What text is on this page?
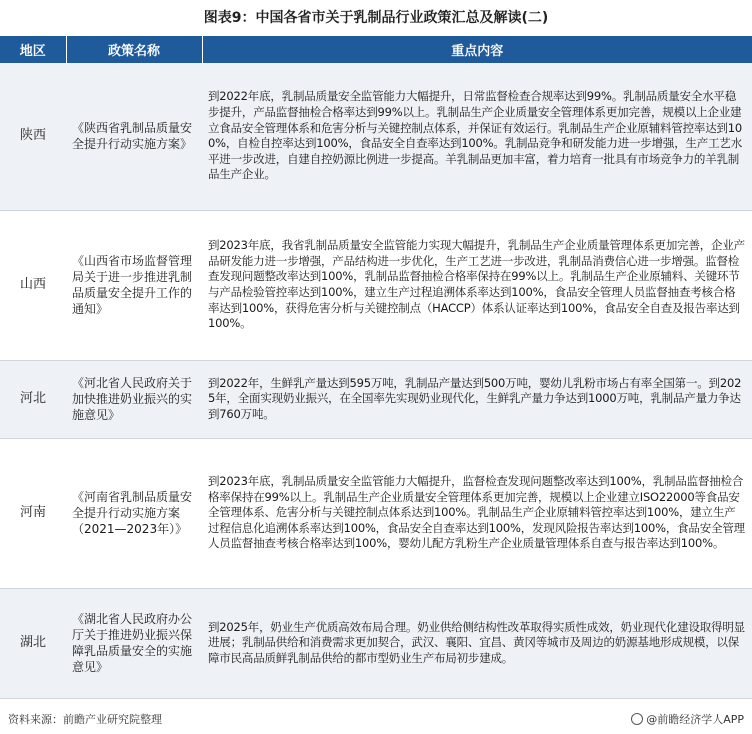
图表9：中国各省市关于乳制品行业政策汇总及解读(二)
地区	政策名称	重点内容
陕西	《陕西省乳制品质量安全提升行动实施方案》	到2022年底，乳制品质量安全监管能力大幅提升，日常监督检查合规率达到99%。乳制品质量安全水平稳步提升，产品监督抽检合格率达到99%以上。乳制品生产企业质量安全管理体系更加完善，规模以上企业建立食品安全管理体系和危害分析与关键控制点体系，并保证有效运行。乳制品生产企业原辅料管控率达到100%，自检自控率达到100%，食品安全自查率达到100%。乳制品竞争和研发能力进一步增强，生产工艺水平进一步改进，自建自控奶源比例进一步提高。羊乳制品更加丰富，着力培育一批具有市场竞争力的羊乳制品生产企业。
山西	《山西省市场监督管理局关于进一步推进乳制品质量安全提升工作的通知》	到2023年底，我省乳制品质量安全监管能力实现大幅提升，乳制品生产企业质量管理体系更加完善，企业产品研发能力进一步增强，产品结构进一步优化，生产工艺进一步改进，乳制品消费信心进一步增强。监督检查发现问题整改率达到100%，乳制品监督抽检合格率保持在99%以上。乳制品生产企业原辅料、关键环节与产品检验管控率达到100%，建立生产过程追溯体系率达到100%，食品安全管理人员监督抽查考核合格率达到100%，获得危害分析与关键控制点（HACCP）体系认证率达到100%，食品安全自查及报告率达到100%。
河北	《河北省人民政府关于加快推进奶业振兴的实施意见》	到2022年，生鲜乳产量达到595万吨，乳制品产量达到500万吨，婴幼儿乳粉市场占有率全国第一。到2025年，全面实现奶业振兴，在全国率先实现奶业现代化，生鲜乳产量力争达到1000万吨，乳制品产量力争达到760万吨。
河南	《河南省乳制品质量安全提升行动实施方案 （2021—2023年）》	到2023年底，乳制品质量安全监管能力大幅提升，监督检查发现问题整改率达到100%，乳制品监督抽检合格率保持在99%以上。乳制品生产企业质量安全管理体系更加完善，规模以上企业建立ISO22000等食品安全管理体系、危害分析与关键控制点体系达到100%。乳制品生产企业原辅料管控率达到100%，建立生产过程信息化追溯体系率达到100%，食品安全自查率达到100%，发现风险报告率达到100%，食品安全管理人员监督抽查考核合格率达到100%，婴幼儿配方乳粉生产企业质量管理体系自查与报告率达到100%。
湖北	《湖北省人民政府办公厅关于推进奶业振兴保障乳品质量安全的实施意见》	到2025年，奶业生产优质高效布局合理。奶业供给侧结构性改革取得实质性成效，奶业现代化建设取得明显进展；乳制品供给和消费需求更加契合，武汉、襄阳、宜昌、黄冈等城市及周边的奶源基地形成规模，以保障市民高品质鲜乳制品供给的都市型奶业生产布局初步建成。
资料来源：前瞻产业研究院整理	@前瞻经济学人APP
